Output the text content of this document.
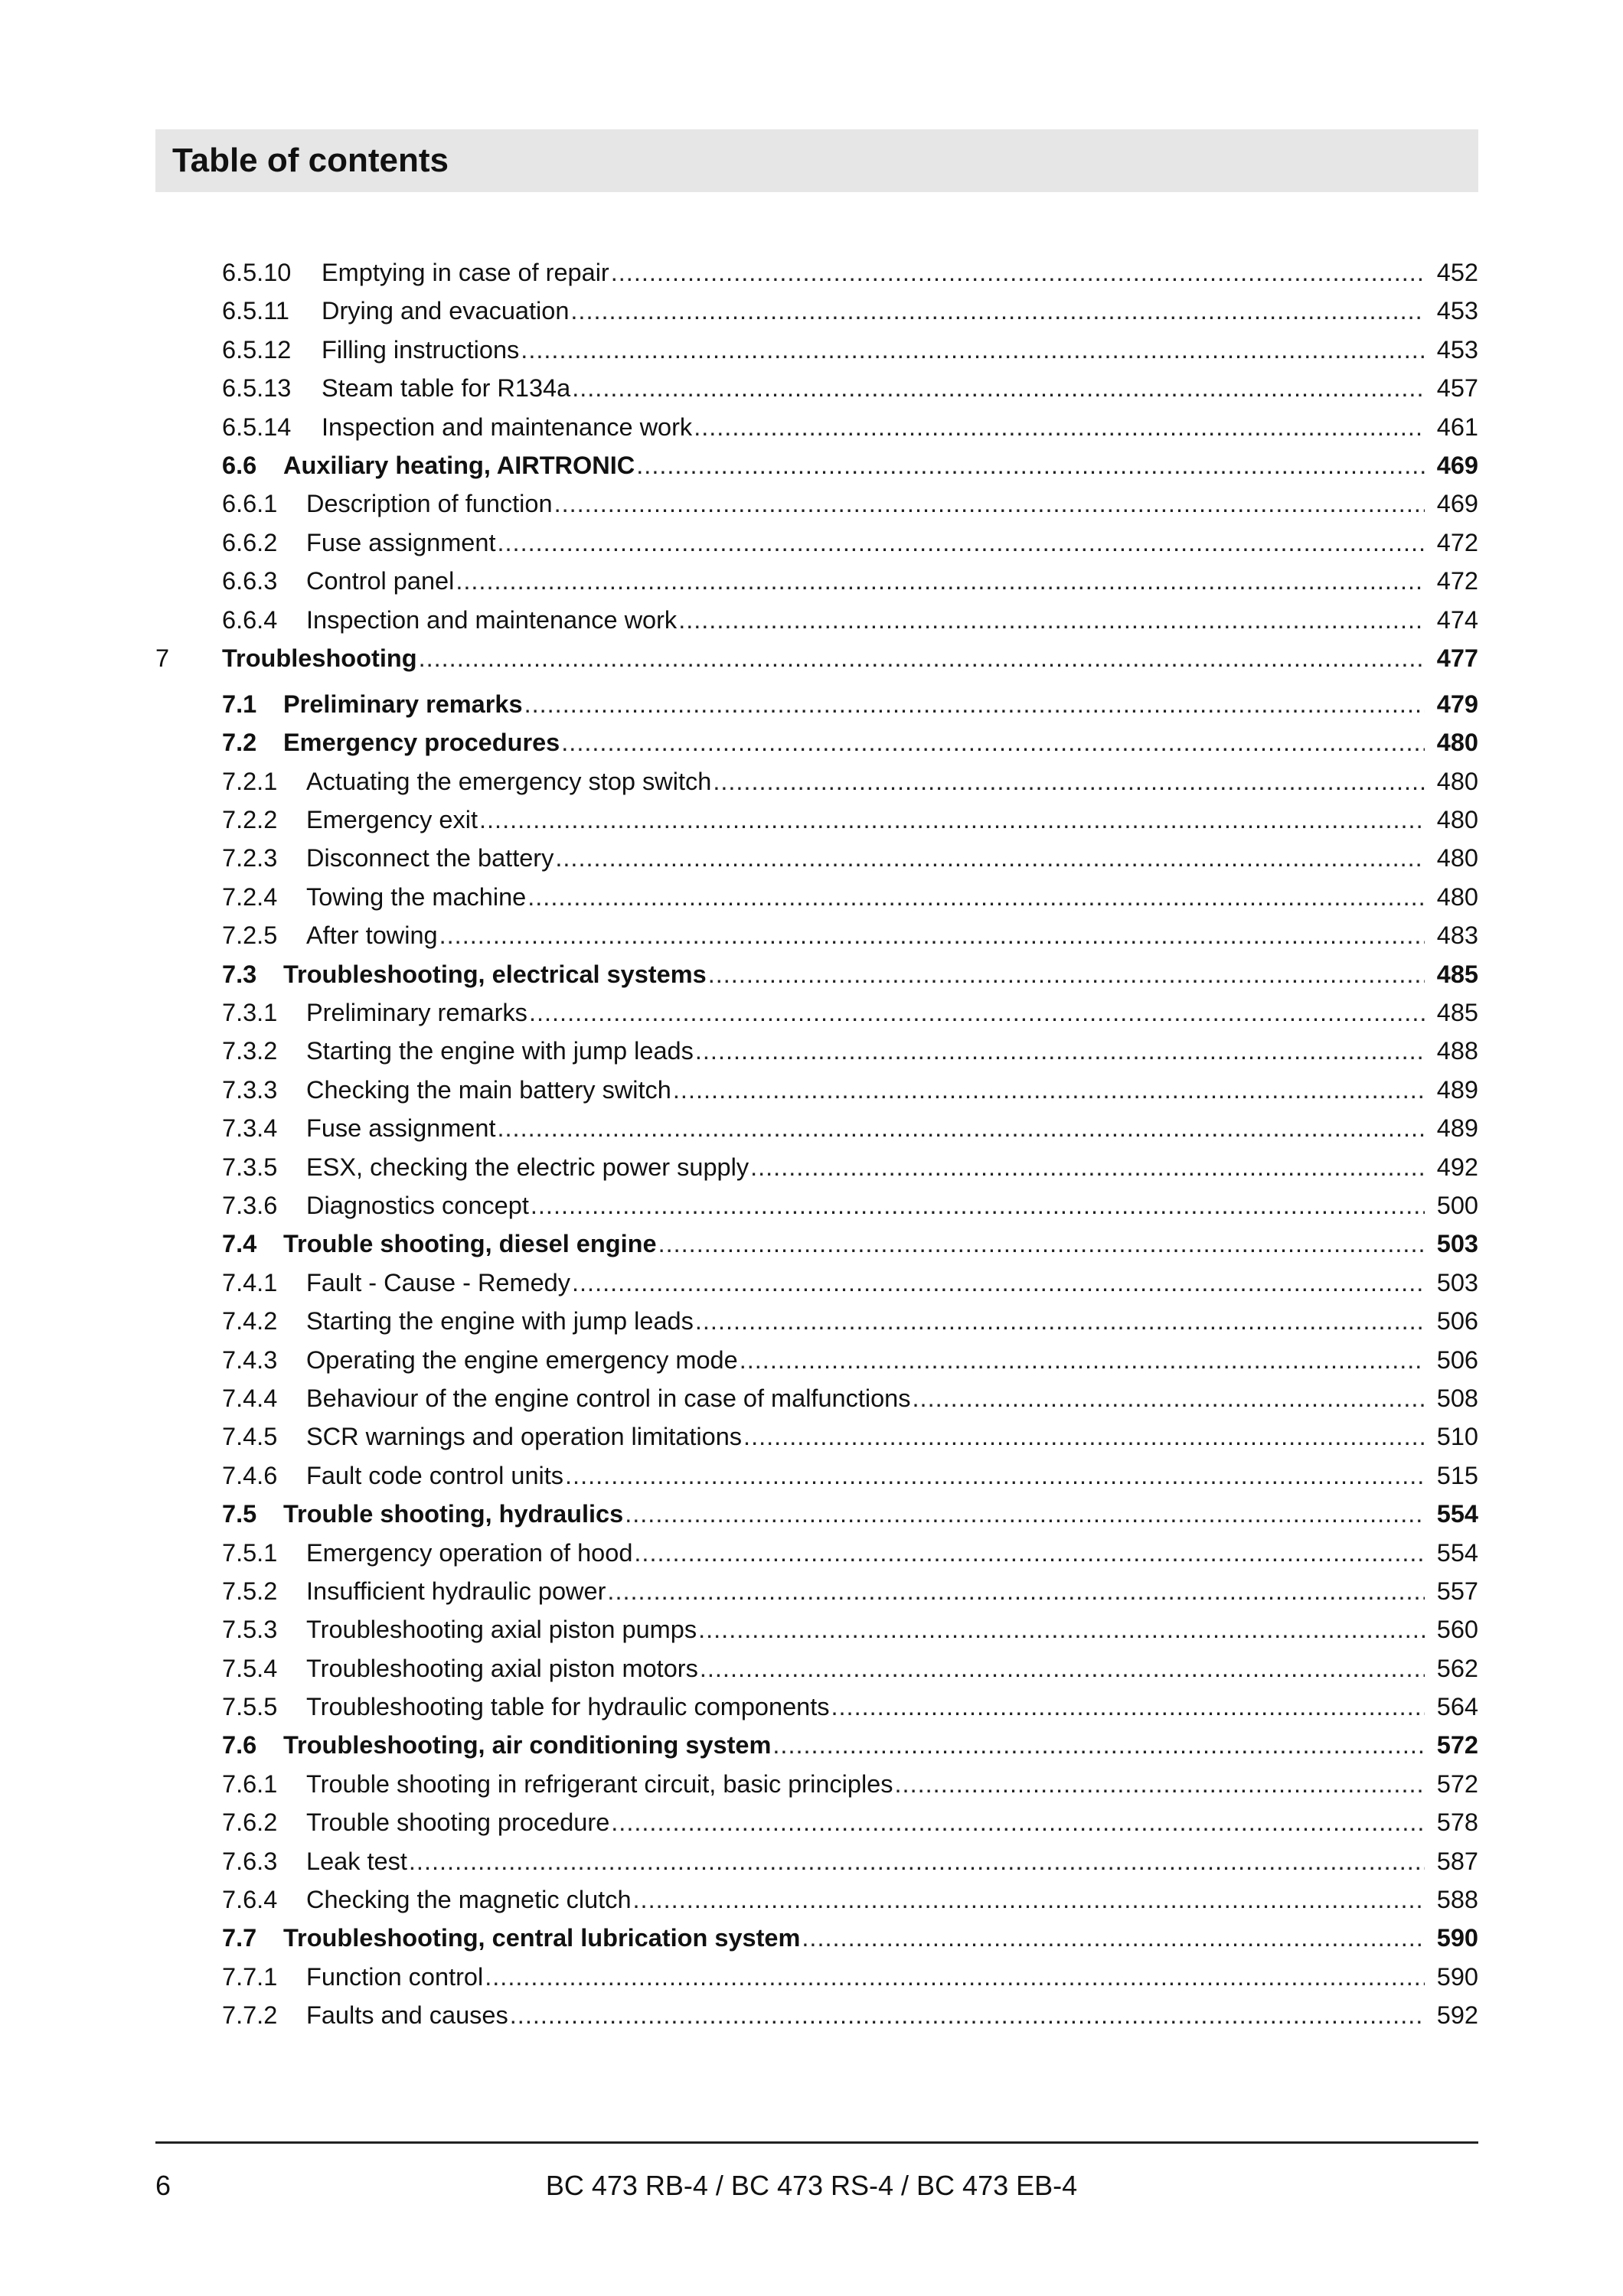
Table of contents
6.5.10	Emptying in case of repair .....	452
6.5.11	Drying and evacuation .....	453
6.5.12	Filling instructions .....	453
6.5.13	Steam table for R134a .....	457
6.5.14	Inspection and maintenance work .....	461
6.6	Auxiliary heating, AIRTRONIC .....	469
6.6.1	Description of function .....	469
6.6.2	Fuse assignment .....	472
6.6.3	Control panel .....	472
6.6.4	Inspection and maintenance work .....	474
7	Troubleshooting .....	477
7.1	Preliminary remarks .....	479
7.2	Emergency procedures .....	480
7.2.1	Actuating the emergency stop switch .....	480
7.2.2	Emergency exit .....	480
7.2.3	Disconnect the battery .....	480
7.2.4	Towing the machine .....	480
7.2.5	After towing .....	483
7.3	Troubleshooting, electrical systems .....	485
7.3.1	Preliminary remarks .....	485
7.3.2	Starting the engine with jump leads .....	488
7.3.3	Checking the main battery switch .....	489
7.3.4	Fuse assignment .....	489
7.3.5	ESX, checking the electric power supply .....	492
7.3.6	Diagnostics concept .....	500
7.4	Trouble shooting, diesel engine .....	503
7.4.1	Fault - Cause - Remedy .....	503
7.4.2	Starting the engine with jump leads .....	506
7.4.3	Operating the engine emergency mode .....	506
7.4.4	Behaviour of the engine control in case of malfunctions .....	508
7.4.5	SCR warnings and operation limitations .....	510
7.4.6	Fault code control units .....	515
7.5	Trouble shooting, hydraulics .....	554
7.5.1	Emergency operation of hood .....	554
7.5.2	Insufficient hydraulic power .....	557
7.5.3	Troubleshooting axial piston pumps .....	560
7.5.4	Troubleshooting axial piston motors .....	562
7.5.5	Troubleshooting table for hydraulic components .....	564
7.6	Troubleshooting, air conditioning system .....	572
7.6.1	Trouble shooting in refrigerant circuit, basic principles .....	572
7.6.2	Trouble shooting procedure .....	578
7.6.3	Leak test .....	587
7.6.4	Checking the magnetic clutch .....	588
7.7	Troubleshooting, central lubrication system .....	590
7.7.1	Function control .....	590
7.7.2	Faults and causes .....	592
6	BC 473 RB-4 / BC 473 RS-4 / BC 473 EB-4
